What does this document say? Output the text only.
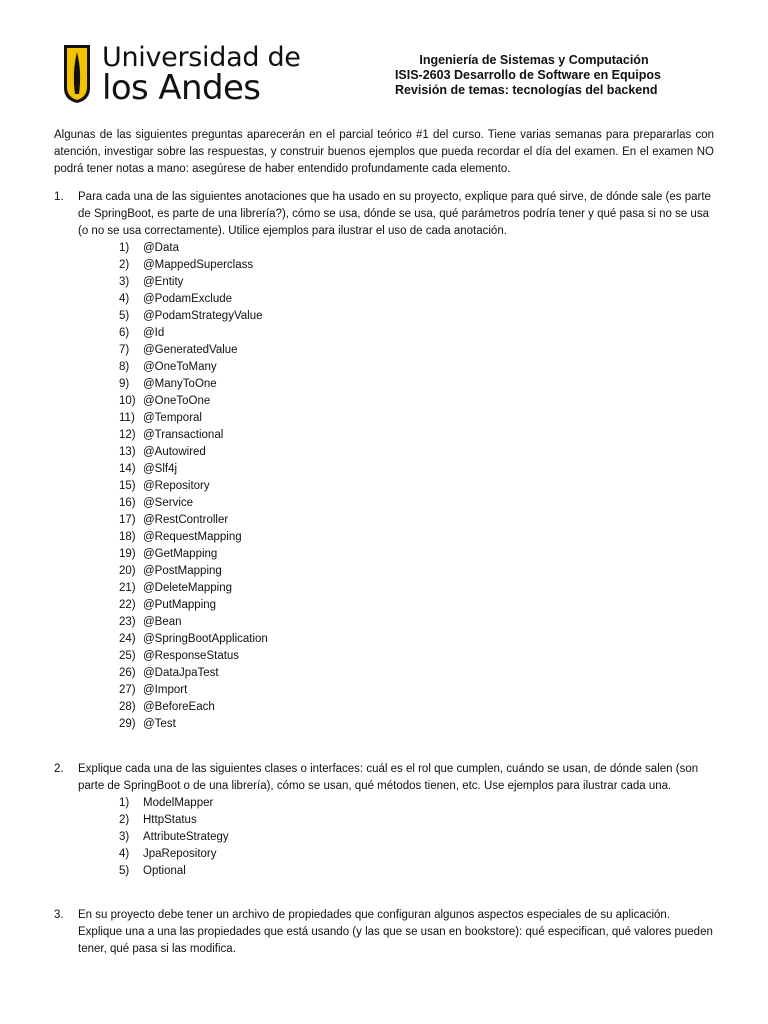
Universidad de
los Andes
Ingeniería de Sistemas y Computación
ISIS-2603 Desarrollo de Software en Equipos
Revisión de temas: tecnologías del backend
Algunas de las siguientes preguntas aparecerán en el parcial teórico #1 del curso. Tiene varias semanas para prepararlas con atención, investigar sobre las respuestas, y construir buenos ejemplos que pueda recordar el día del examen. En el examen NO podrá tener notas a mano: asegúrese de haber entendido profundamente cada elemento.
1. Para cada una de las siguientes anotaciones que ha usado en su proyecto, explique para qué sirve, de dónde sale (es parte de SpringBoot, es parte de una librería?), cómo se usa, dónde se usa, qué parámetros podría tener y qué pasa si no se usa (o no se usa correctamente). Utilice ejemplos para ilustrar el uso de cada anotación.
1) @Data
2) @MappedSuperclass
3) @Entity
4) @PodamExclude
5) @PodamStrategyValue
6) @Id
7) @GeneratedValue
8) @OneToMany
9) @ManyToOne
10) @OneToOne
11) @Temporal
12) @Transactional
13) @Autowired
14) @Slf4j
15) @Repository
16) @Service
17) @RestController
18) @RequestMapping
19) @GetMapping
20) @PostMapping
21) @DeleteMapping
22) @PutMapping
23) @Bean
24) @SpringBootApplication
25) @ResponseStatus
26) @DataJpaTest
27) @Import
28) @BeforeEach
29) @Test
2. Explique cada una de las siguientes clases o interfaces: cuál es el rol que cumplen, cuándo se usan, de dónde salen (son parte de SpringBoot o de una librería), cómo se usan, qué métodos tienen, etc. Use ejemplos para ilustrar cada una.
1) ModelMapper
2) HttpStatus
3) AttributeStrategy
4) JpaRepository
5) Optional
3. En su proyecto debe tener un archivo de propiedades que configuran algunos aspectos especiales de su aplicación. Explique una a una las propiedades que está usando (y las que se usan en bookstore): qué especifican, qué valores pueden tener, qué pasa si las modifica.
